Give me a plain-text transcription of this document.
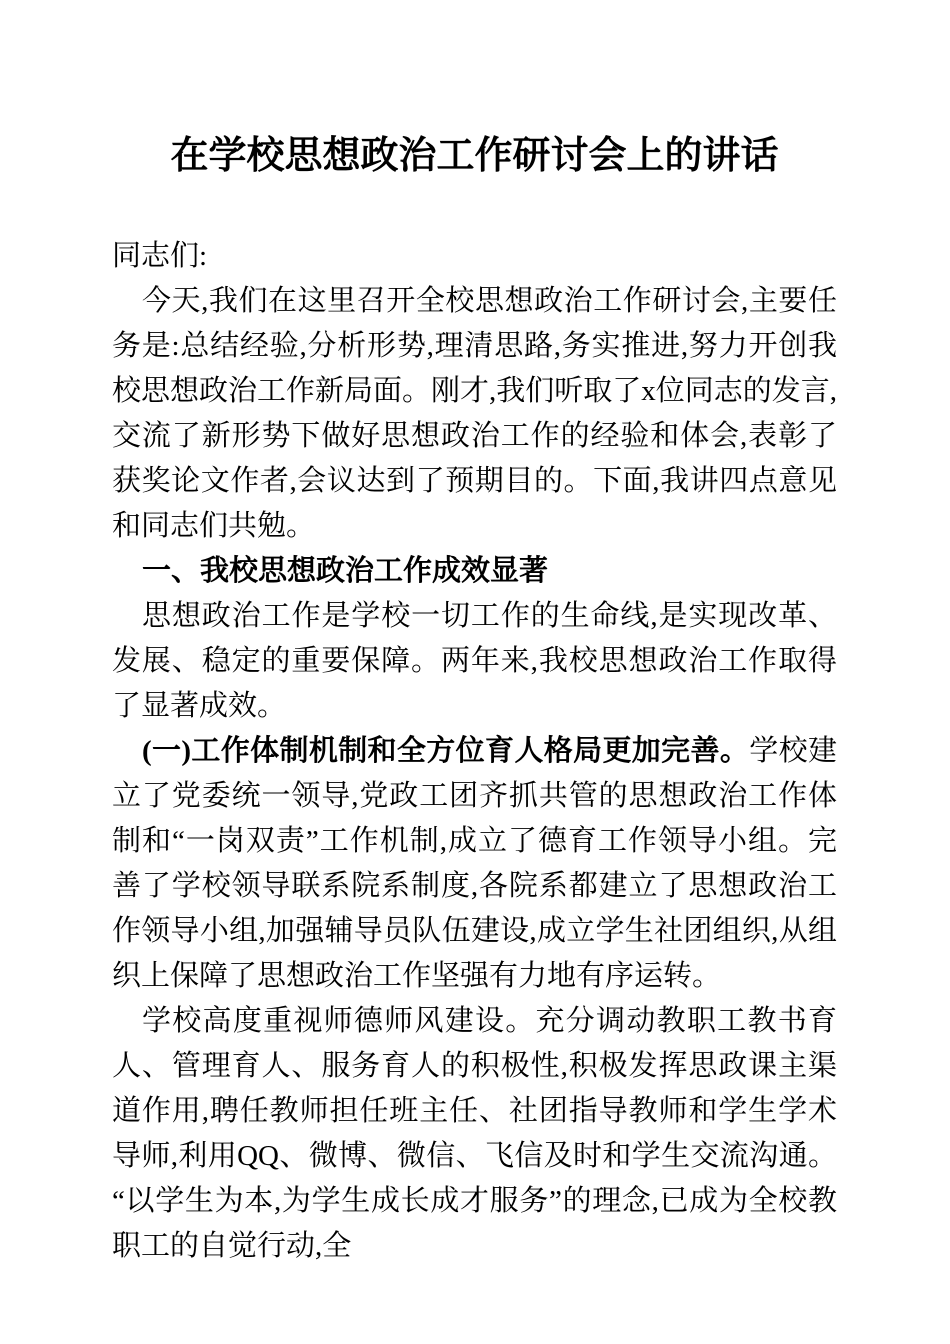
在学校思想政治工作研讨会上的讲话

同志们:

今天,我们在这里召开全校思想政治工作研讨会,主要任务是:总结经验,分析形势,理清思路,务实推进,努力开创我校思想政治工作新局面。刚才,我们听取了x位同志的发言,交流了新形势下做好思想政治工作的经验和体会,表彰了获奖论文作者,会议达到了预期目的。下面,我讲四点意见和同志们共勉。

一、我校思想政治工作成效显著

思想政治工作是学校一切工作的生命线,是实现改革、发展、稳定的重要保障。两年来,我校思想政治工作取得了显著成效。

(一)工作体制机制和全方位育人格局更加完善。学校建立了党委统一领导,党政工团齐抓共管的思想政治工作体制和“一岗双责”工作机制,成立了德育工作领导小组。完善了学校领导联系院系制度,各院系都建立了思想政治工作领导小组,加强辅导员队伍建设,成立学生社团组织,从组织上保障了思想政治工作坚强有力地有序运转。

学校高度重视师德师风建设。充分调动教职工教书育人、管理育人、服务育人的积极性,积极发挥思政课主渠道作用,聘任教师担任班主任、社团指导教师和学生学术导师,利用QQ、微博、微信、飞信及时和学生交流沟通。“以学生为本,为学生成长成才服务”的理念,已成为全校教职工的自觉行动,全
